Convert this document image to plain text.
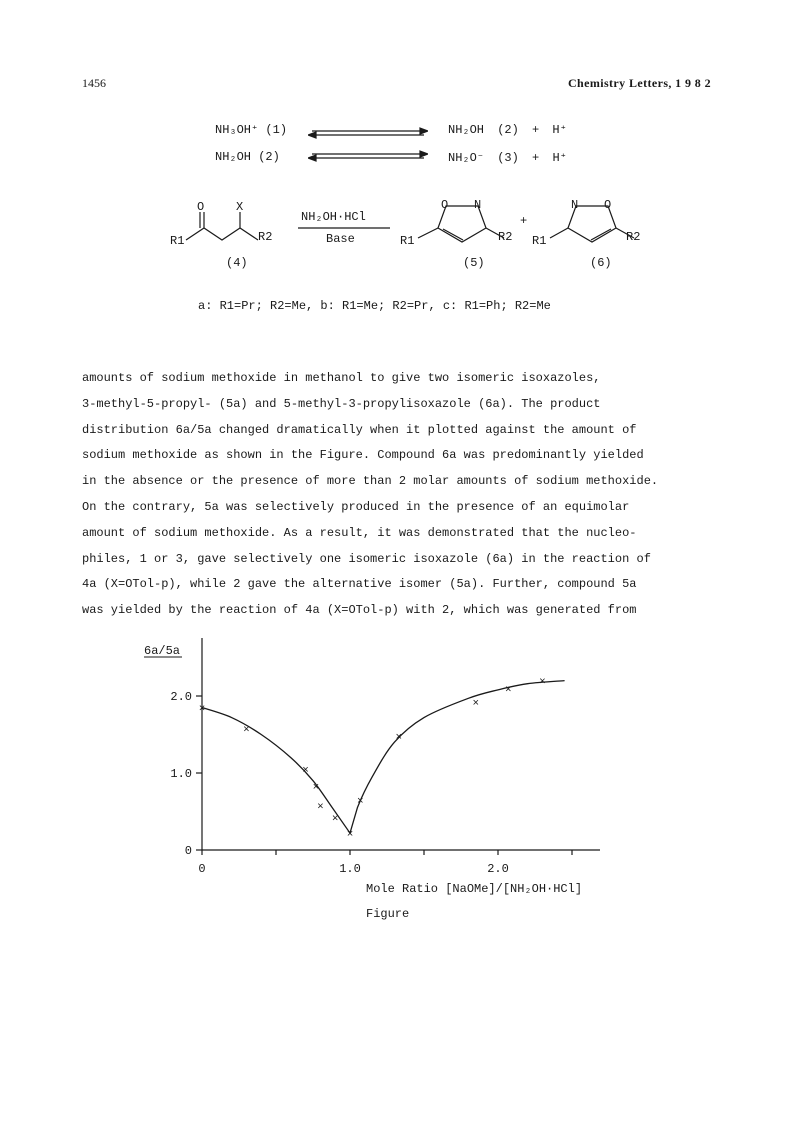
1456	Chemistry Letters, 1 9 8 2
NH₃OH⁺ (1)	NH₂OH (2) + H⁺
NH₂OH (2)	NH₂O⁻ (3) + H⁺
O	X
R1	R2
NH₂OH·HCl
Base
O N
R1	R2
+
N O
R1	R2
(4)	(5)	(6)
a: R1=Pr; R2=Me, b: R1=Me; R2=Pr, c: R1=Ph; R2=Me
amounts of sodium methoxide in methanol to give two isomeric isoxazoles,
3-methyl-5-propyl- (5a) and 5-methyl-3-propylisoxazole (6a). The product
distribution 6a/5a changed dramatically when it plotted against the amount of
sodium methoxide as shown in the Figure. Compound 6a was predominantly yielded
in the absence or the presence of more than 2 molar amounts of sodium methoxide.
On the contrary, 5a was selectively produced in the presence of an equimolar
amount of sodium methoxide. As a result, it was demonstrated that the nucleo-
philes, 1 or 3, gave selectively one isomeric isoxazole (6a) in the reaction of
4a (X=OTol-p), while 2 gave the alternative isomer (5a). Further, compound 5a
was yielded by the reaction of 4a (X=OTol-p) with 2, which was generated from
0
1.0
2.0
0	1.0	2.0
×
×
×
×
×
×
×
×
×
×
×
×
6a/5a
Mole Ratio [NaOMe]/[NH₂OH·HCl]
Figure
